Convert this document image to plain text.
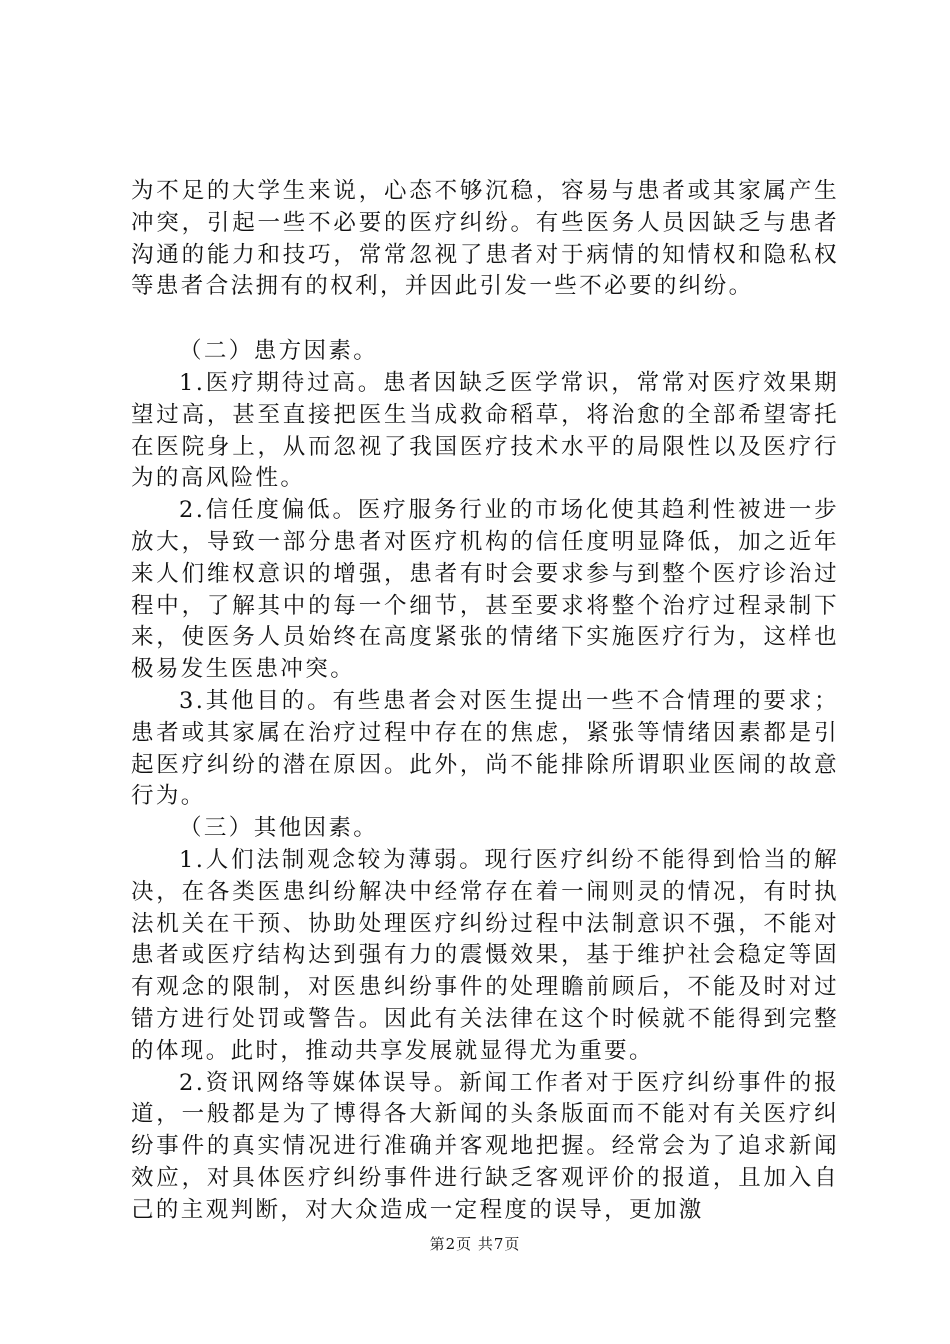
为不足的大学生来说，心态不够沉稳，容易与患者或其家属产生冲突，引起一些不必要的医疗纠纷。有些医务人员因缺乏与患者沟通的能力和技巧，常常忽视了患者对于病情的知情权和隐私权等患者合法拥有的权利，并因此引发一些不必要的纠纷。

（二）患方因素。

1.医疗期待过高。患者因缺乏医学常识，常常对医疗效果期望过高，甚至直接把医生当成救命稻草，将治愈的全部希望寄托在医院身上，从而忽视了我国医疗技术水平的局限性以及医疗行为的高风险性。

2.信任度偏低。医疗服务行业的市场化使其趋利性被进一步放大，导致一部分患者对医疗机构的信任度明显降低，加之近年来人们维权意识的增强，患者有时会要求参与到整个医疗诊治过程中，了解其中的每一个细节，甚至要求将整个治疗过程录制下来，使医务人员始终在高度紧张的情绪下实施医疗行为，这样也极易发生医患冲突。

3.其他目的。有些患者会对医生提出一些不合情理的要求；患者或其家属在治疗过程中存在的焦虑，紧张等情绪因素都是引起医疗纠纷的潜在原因。此外，尚不能排除所谓职业医闹的故意行为。

（三）其他因素。

1.人们法制观念较为薄弱。现行医疗纠纷不能得到恰当的解决，在各类医患纠纷解决中经常存在着一闹则灵的情况，有时执法机关在干预、协助处理医疗纠纷过程中法制意识不强，不能对患者或医疗结构达到强有力的震慑效果，基于维护社会稳定等固有观念的限制，对医患纠纷事件的处理瞻前顾后，不能及时对过错方进行处罚或警告。因此有关法律在这个时候就不能得到完整的体现。此时，推动共享发展就显得尤为重要。

2.资讯网络等媒体误导。新闻工作者对于医疗纠纷事件的报道，一般都是为了博得各大新闻的头条版面而不能对有关医疗纠纷事件的真实情况进行准确并客观地把握。经常会为了追求新闻效应，对具体医疗纠纷事件进行缺乏客观评价的报道，且加入自己的主观判断，对大众造成一定程度的误导，更加激

第2页 共7页
